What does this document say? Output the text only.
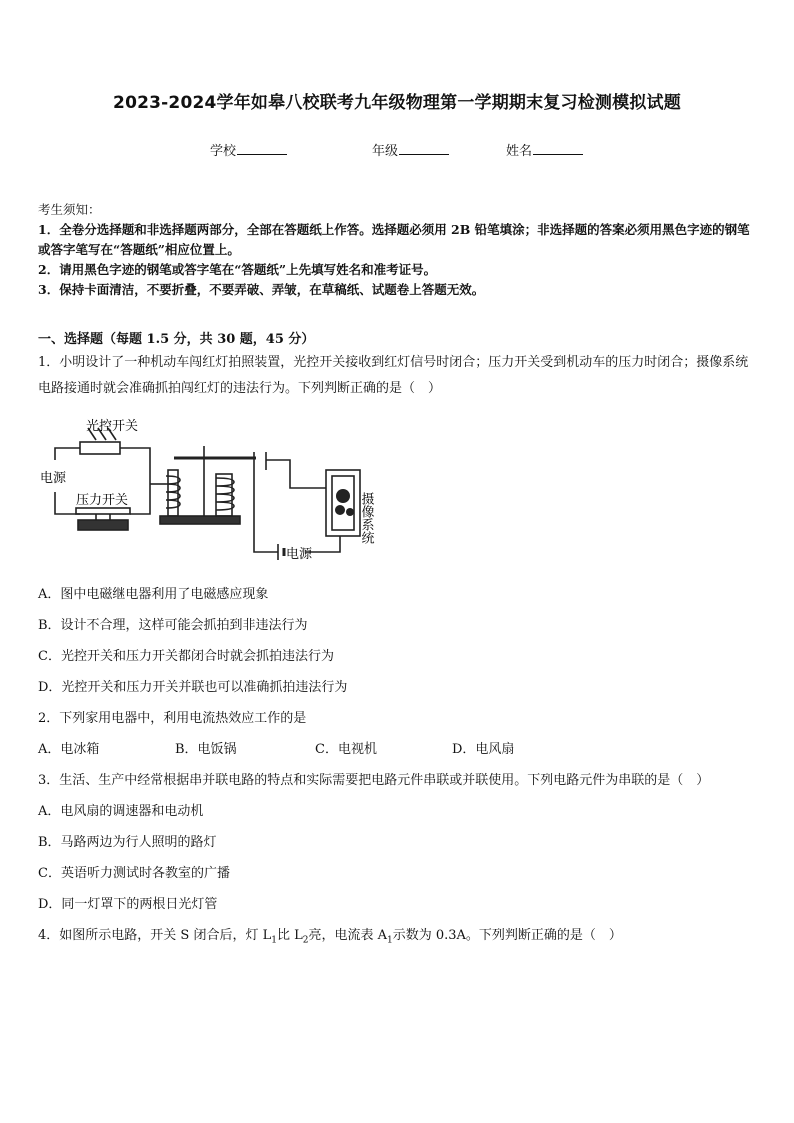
2023-2024学年如皋八校联考九年级物理第一学期期末复习检测模拟试题
学校	年级	姓名
考生须知：
1．全卷分选择题和非选择题两部分，全部在答题纸上作答。选择题必须用 2B 铅笔填涂；非选择题的答案必须用黑色字迹的钢笔或答字笔写在“答题纸”相应位置上。
2．请用黑色字迹的钢笔或答字笔在“答题纸”上先填写姓名和准考证号。
3．保持卡面清洁，不要折叠，不要弄破、弄皱，在草稿纸、试题卷上答题无效。
一、选择题（每题 1.5 分，共 30 题，45 分）
1．小明设计了一种机动车闯红灯拍照装置，光控开关接收到红灯信号时闭合；压力开关受到机动车的压力时闭合；摄像系统电路接通时就会准确抓拍闯红灯的违法行为。下列判断正确的是（　）
光控开关
电源
压力开关
电源
摄像系统
A．图中电磁继电器利用了电磁感应现象
B．设计不合理，这样可能会抓拍到非违法行为
C．光控开关和压力开关都闭合时就会抓拍违法行为
D．光控开关和压力开关并联也可以准确抓拍违法行为
2．下列家用电器中，利用电流热效应工作的是
A．电冰箱	B．电饭锅	C．电视机	D．电风扇
3．生活、生产中经常根据串并联电路的特点和实际需要把电路元件串联或并联使用。下列电路元件为串联的是（　）
A．电风扇的调速器和电动机
B．马路两边为行人照明的路灯
C．英语听力测试时各教室的广播
D．同一灯罩下的两根日光灯管
4．如图所示电路，开关 S 闭合后，灯 $L_1$比 $L_2$亮，电流表 $A_1$示数为 0.3A。下列判断正确的是（　）
